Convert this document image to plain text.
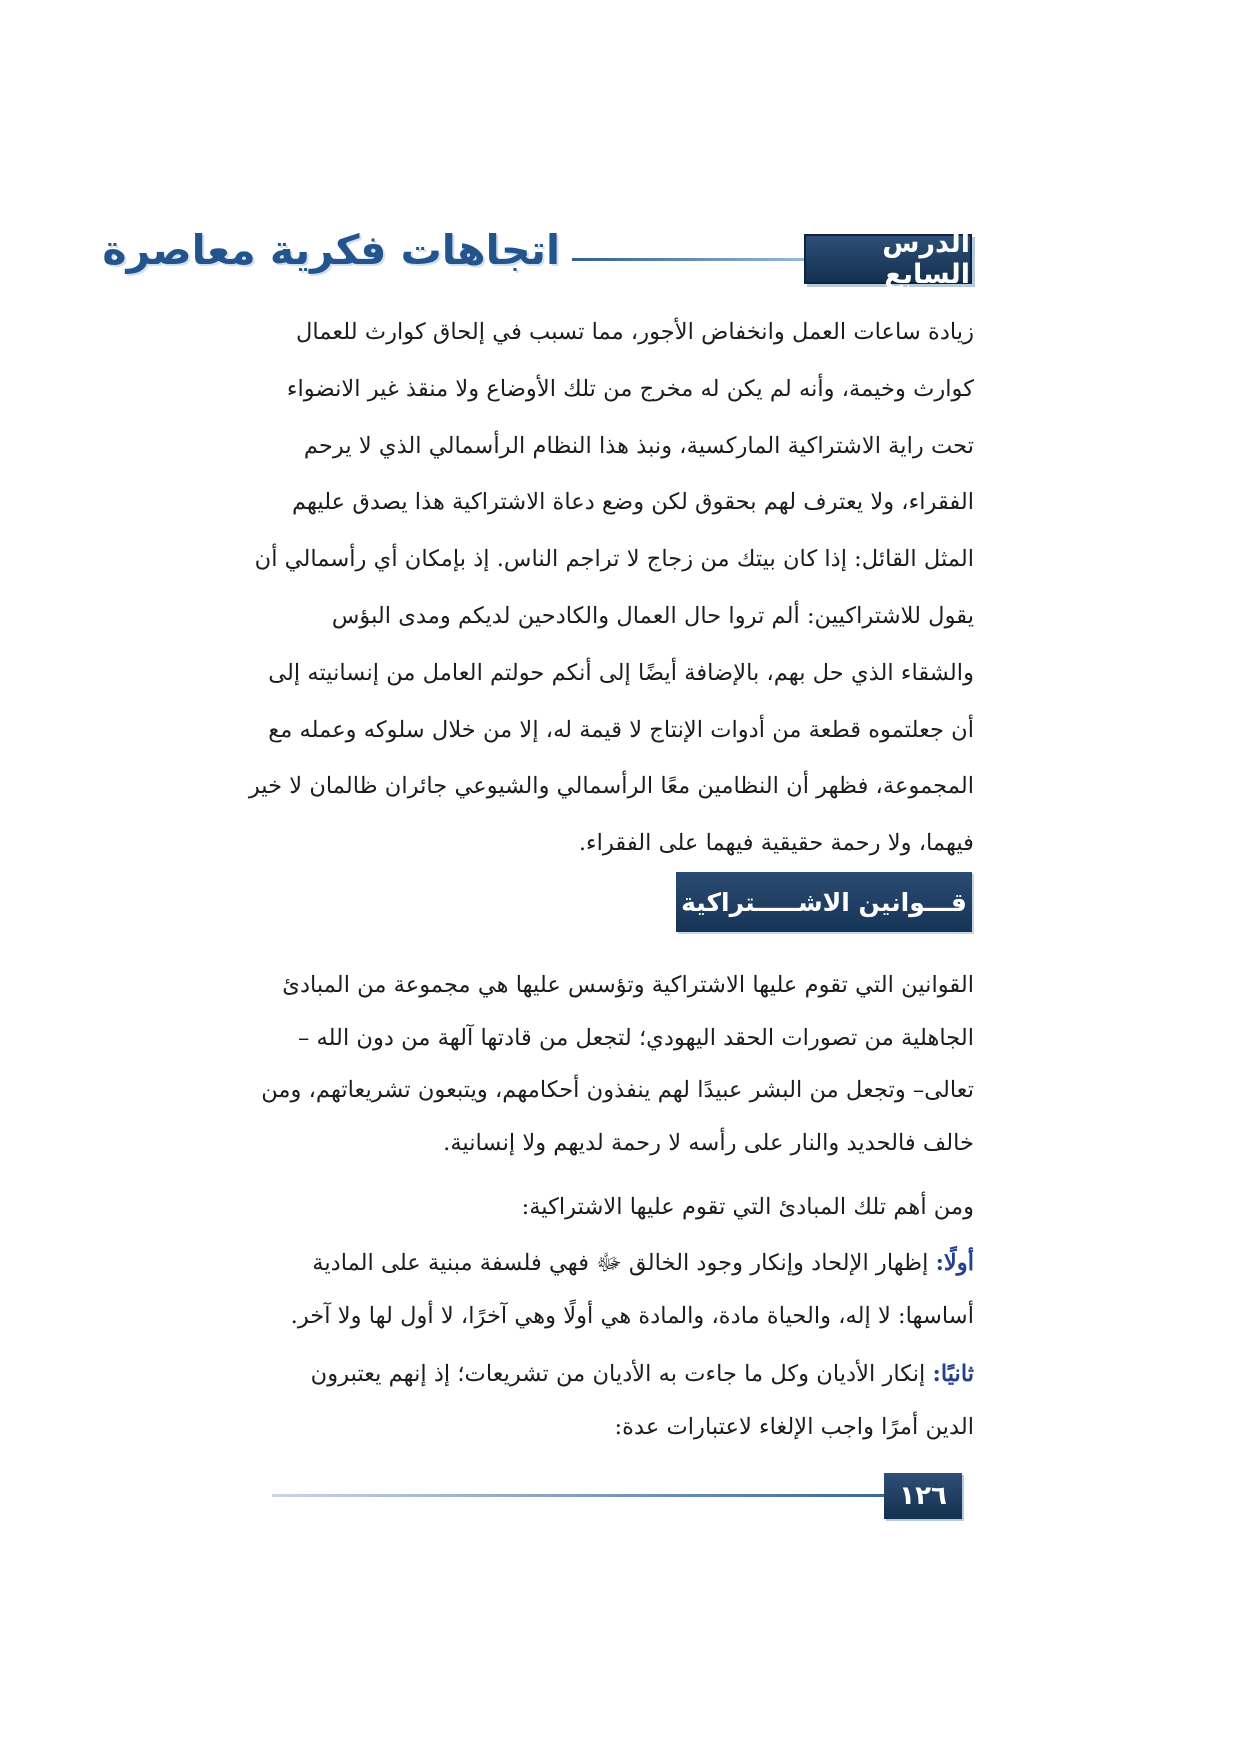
الدرس السابع
اتجاهات فكرية معاصرة
زيادة ساعات العمل وانخفاض الأجور، مما تسبب في إلحاق كوارث للعمال
كوارث وخيمة، وأنه لم يكن له مخرج من تلك الأوضاع ولا منقذ غير الانضواء
تحت راية الاشتراكية الماركسية، ونبذ هذا النظام الرأسمالي الذي لا يرحم
الفقراء، ولا يعترف لهم بحقوق لكن وضع دعاة الاشتراكية هذا يصدق عليهم
المثل القائل: إذا كان بيتك من زجاج لا تراجم الناس. إذ بإمكان أي رأسمالي أن
يقول للاشتراكيين: ألم تروا حال العمال والكادحين لديكم ومدى البؤس
والشقاء الذي حل بهم، بالإضافة أيضًا إلى أنكم حولتم العامل من إنسانيته إلى
أن جعلتموه قطعة من أدوات الإنتاج لا قيمة له، إلا من خلال سلوكه وعمله مع
المجموعة، فظهر أن النظامين معًا الرأسمالي والشيوعي جائران ظالمان لا خير
فيهما، ولا رحمة حقيقية فيهما على الفقراء.
قـــوانين الاشـــــتراكية
القوانين التي تقوم عليها الاشتراكية وتؤسس عليها هي مجموعة من المبادئ
الجاهلية من تصورات الحقد اليهودي؛ لتجعل من قادتها آلهة من دون الله –
تعالى– وتجعل من البشر عبيدًا لهم ينفذون أحكامهم، ويتبعون تشريعاتهم، ومن
خالف فالحديد والنار على رأسه لا رحمة لديهم ولا إنسانية.
ومن أهم تلك المبادئ التي تقوم عليها الاشتراكية:
أولًا: إظهار الإلحاد وإنكار وجود الخالق ﷻ فهي فلسفة مبنية على المادية
أساسها: لا إله، والحياة مادة، والمادة هي أولًا وهي آخرًا، لا أول لها ولا آخر.
ثانيًا: إنكار الأديان وكل ما جاءت به الأديان من تشريعات؛ إذ إنهم يعتبرون
الدين أمرًا واجب الإلغاء لاعتبارات عدة:
١٢٦
